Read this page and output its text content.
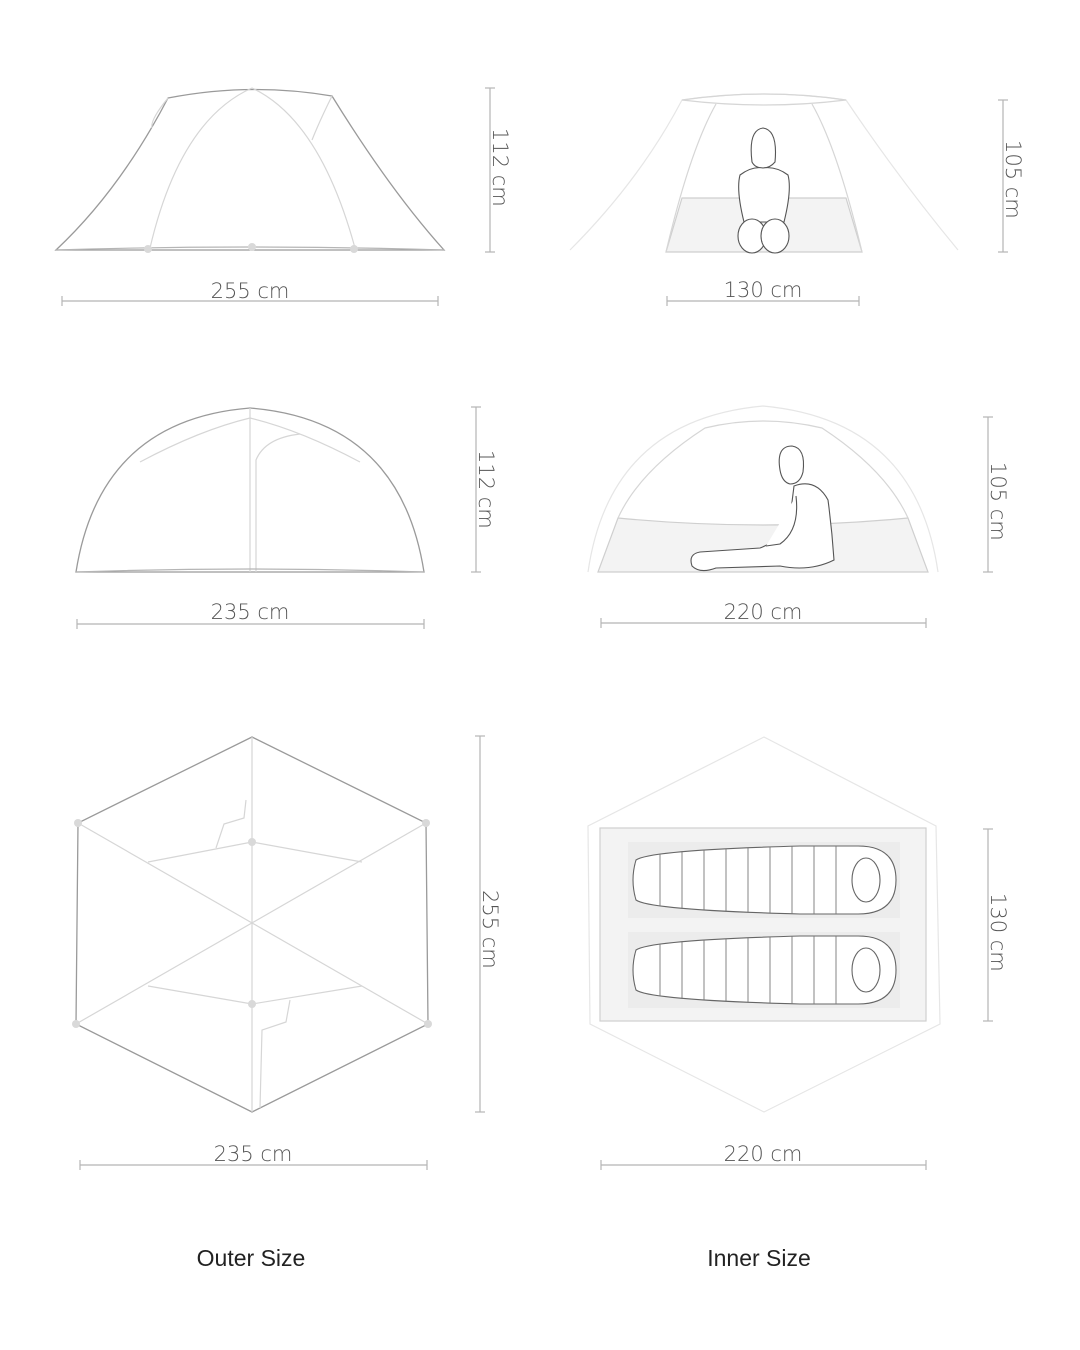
112 cm
255 cm
105 cm
130 cm
112 cm
235 cm
105 cm
220 cm
255 cm
235 cm
130 cm
220 cm
Outer Size	Inner Size
